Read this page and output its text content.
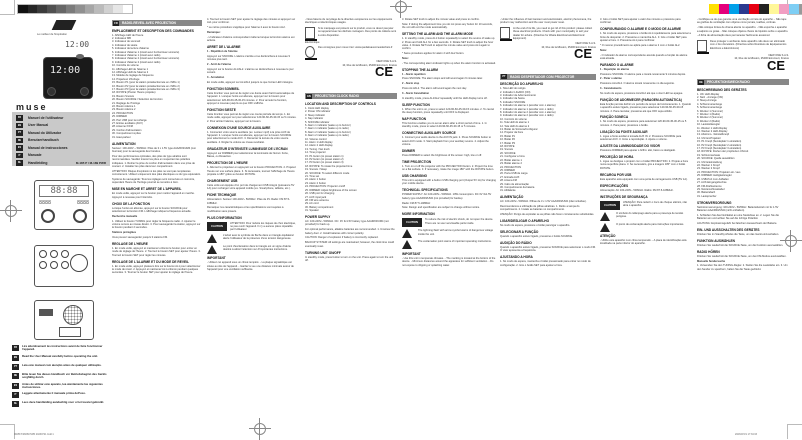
Le meilleur de l'inspiration
12:00
12:00
muse
FR	Manuel de l'utilisateur
EN	User Manual
PT	Manual do Utilizador
DE	Benutzerhandbuch
ES	Manual de instrucciones
IT	Manuale
NL	Handleiding	M-185 P / M-189 PWR
88:88
8888	8888
FR	Lire attentivement les instructions avant de faire fonctionner l'appareil.
EN	Read the User Manual carefully before operating the unit.
PT	Leia este manual com atenção antes de qualquer utilização.
DE	Bitte lesen Sie dieses Handbuch vor Betriebsbeginn des Geräts sorgfältig durch.
ES	Antes de utilizar este aparato, lea atentamente las siguientes instrucciones.
IT	Leggete attentamente il manuale prima dell'uso.
NL	Lees deze handleiding aandachtig voor u het toestel gebruikt.
FR	RADIO-REVEIL AVEC PROJECTION
EMPLACEMENT ET DESCRIPTION DES COMMANDES
1. Affichage LED de l'heure
2. Indicateur MB
3. Indicateur de sommeil
4. Indicateur de sieste
5. Indicateur de lecture d'alarme
6. Indicateur d'alarme 1 (réveil avec buzzer/avec sonnerie)
7. Indicateur d'alarme 1 (réveil avec radio)
8. Indicateur d'alarme 2 (réveil avec buzzer/avec sonnerie)
9. Indicateur d'alarme 2 (réveil avec radio)
10. Contrôle du volume
11. Affichage LED de l'alarme 1
12. Affichage LED de l'alarme 2
13. Molette de réglage de fréquence
14. Projecteur d'horloge
15. Bouton P1 (pour la station présélectionnée en chiffre 1)
16. Bouton P2 (pour la station présélectionnée en chiffre 2)
17. Bouton P3 (pour la station présélectionnée en chiffre 3)
18. ROTATE (Pivoter l'heure projetée)
19. Bouton Snooze
20. Bouton SOURCE / Sélection de fonction
21. Réglage de l'horloge
22. Bouton Alarme 1
23. Bouton Alarme 2
24. PROJECTION
25. DIMMER
26. Port USB pour la recharge
27. Entrée auxiliaire (AUX)
28. Antenne fil FM
29. Cordon d'alimentation
30. Compartiment à piles
31. Haut-parleur
ALIMENTATION

Secteur: 100-240V ~ 50/60Hz. Piles de 3 x 1.5V type AAA/R03/UM4 (non fournies) pour la sauvegarde des horaires.

Pour des performances optimales, des piles de type alcaline sont recommandées. Veuillez insérer les piles en respectant les polarités indiquées. 1. Retirez la prise du cordon d'alimentation dans une prise de courant. 2. Installez les piles dans leur compartiment.

ATTENTION: Risque d'explosion si les piles ne sont pas remplacées correctement. Utilisez uniquement des piles identiques ou du type équivalent.

Système de sauvegarde: Tous les réglages sont conservés en mémoire, cependant l'heure de l'horloge pourrait se remettre à zéro.

MISE EN MARCHE ET ARRET DE L'APPAREIL

En mode veille, appuyez sur le bouton pour mettre l'appareil en marche. Appuyez à nouveau pour l'éteindre.

CHOIX DE LA FONCTION

Lorsque l'unité est allumée, appuyez sur le bouton SOURCE pour sélectionner la fonction FM. L'affichage indique la fréquence actuelle.

Recherche manuelle

1. Utilisez le bouton TUNING pour régler la fréquence radio. 2. Ajustez le volume sonore au niveau désiré. 3. Pour sauvegarder la station, appuyez sur le bouton pendant 2 secondes.

Stations préréglées

Vous pouvez sauvegarder jusqu'à 3 stations FM.

REGLAGE DE L'HEURE

1. En mode veille, appuyez et maintenez enfoncé le bouton pour entrer en mode de réglage de l'heure. 2. Tournez le bouton SET pour ajuster l'heure. 3. Tournez le bouton SET pour régler les minutes.

REGLAGE DE L'ALARME ET DU MODE DE REVEIL

1. En mode veille, appuyez plusieurs fois sur le bouton AL1 pour sélectionner le mode de réveil. 2. Appuyez et maintenez AL1 enfoncé pendant quelques secondes. 3. Tournez le bouton SET pour ajuster le réglage de l'heure.

4. Tournez le bouton SET pour ajuster le réglage des minutes et appuyez sur AL1 pour confirmer.

* La même procédure s'applique pour l'alarme 2 avec le bouton AL2.

Remarque:

- L'indicateur d'alarme correspondant s'allume lorsque la fonction alarme est activée.

ARRET DE L'ALARME

1 - Répétition de l'alarme

Appuyez sur SNOOZE. L'alarme s'arrête et se déclenchera à nouveau 9 minutes plus tard.

2 - Arrêt de l'alarme

Appuyez sur le bouton AL1/AL2. L'alarme se déclenchera à nouveau le jour suivant.

3 - Annulation

En mode veille, appuyez sur AL1/AL2 jusqu'à ce que l'écran LED s'éteigne.

FONCTION SOMMEIL

Cette fonction vous permet de régler une durée avant l'arrêt automatique de l'appareil. 1. Lorsque l'unité est allumée, appuyez sur le bouton pour sélectionner 120-90-60-45-30-15 minutes. 2. Pour annuler la fonction, appuyez à nouveau jusqu'à ce que OFF s'affiche.

FONCTION SIESTE

Cette fonction vous permet de régler une courte période de temps. 1. En mode veille, appuyez sur pour sélectionner 120-90-60-45-30-15 ou 5 minutes. 2. Pour arrêter l'alarme, appuyez sur le bouton.

CONNEXION D'UNE SOURCE AUXILIAIRE

1. Connectez votre source auxiliaire (ex. Lecteur mp3) à la prise AUX de l'appareil. 2. Lorsque l'unité est allumée, appuyez sur le bouton SOURCE pour sélectionner le mode AUX. 3. Démarrez la lecture de votre source auxiliaire. 4. Réglez le volume au niveau souhaité.

GRADATEUR D'INTENSITE LUMINEUSE DE L'ECRAN

Appuyez sur DIMMER pour sélectionner la luminosité de l'écran: Forte, Basse, ou Désactivé.

PROJECTION DE L'HEURE

1. Allumez le projecteur en appuyant sur le bouton PROJECTION. 2. Projetez l'heure sur une surface plane. 3. Si nécessaire, tournez l'affichage de l'heure projetée à 180° grâce au bouton ROTATE.

CHARGEMENT USB

Cette unité est équipée d'un port de chargement USB intégré (puissance 5V 1A) pour recharger votre appareil mobile (ex. Smartphone, tablette, etc.).

FICHE TECHNIQUE

Alimentation: Secteur 100-240V~ 50/60Hz. Piles de 3V. Radio: FM 87.5-108MHz.

Remarque: les caractéristiques et les spécifications sont sujettes à modification sans préavis.

PLUS D'INFORMATION
CAUTION
ATTENTION: Pour réduire les risques de choc électrique, ne pas ouvrir l'appareil. Il n'y a aucune pièce réparable par l'utilisateur.
L'éclair avec le symbole de flèche dans un triangle équilatéral alerte l'utilisateur de la présence d'une tension dangereuse.
Le point d'exclamation dans le triangle est un signe d'alerte destiné à attirer l'attention sur d'importantes instructions.
IMPORTANT

- Utilisez cet appareil sous un climat tempéré. - La plaque signalétique est située au dos de l'appareil. - Gardez à vue une distance minimale autour de l'appareil pour une ventilation suffisante.

- Nous faisons du recyclage de la directive européenne sur les équipements électriques et électroniques usagés.

Si le marquage est présent sur le produit, vous ne devez pas jeter cet appareil avec les déchets ménagers. Des points de collecte sont à votre disposition.

Electronique

Des consignes pour mieux trier: www.quefaireavecmesdechets.fr
NEW ONE S.A.S.
10, Rue de la Mission, 25400 Exincourt, France
CE
EN	PROJECTION CLOCK RADIO
LOCATION AND DESCRIPTION OF CONTROLS
1. Clock LED display
2. Power ON indicator
3. Sleep indicator
4. Nap indicator
5. SNOOZE indicator
6. Alarm 1 indicator (wake up to buzzer)
7. Alarm 1 indicator (wake up to radio)
8. Alarm 2 indicator (wake up to buzzer)
9. Alarm 2 indicator (wake up to radio)
10. Volume control
11. Alarm 1 LED display
12. Alarm 2 LED display
13. Tuning / Set knob
14. Time projector
15. P1 button (to preset station 1)
16. P2 button (to preset station 2)
17. P3 button (to preset station 3)
18. ROTATE: To rotate the projected time
19. Snooze / Sleep
20. SOURCE: To select different mode
21. Time set
22. Alarm 1 button
23. Alarm 2 button
24. PROJECTION: Projector on/off
25. DIMMER: Adjust brightness of the screen
26. USB port for charging
27. AUX input jack
28. FM wire antenna
29. AC cord
30. Battery compartment
31. Speaker
POWER SUPPLY

AC: 100-240V~ 50/60Hz. DC: 3V 3x1.5V battery type AAA/R03/UM4 (not provided) for back up.

For optimal performance, alkaline batteries are recommended. 1. Unscrew the battery door. 2. Install batteries with correct polarity.

CAUTION: Danger of explosion if battery is incorrectly replaced.

BACKUP SYSTEM: All settings are maintained; however, the clock time could eventually reset.

TURNING UNIT ON/OFF

In standby mode, press button to turn on the unit. Press again to turn the unit off.

3. Rotate SET knob to adjust the minute value and press to confirm.

Note: if during the adjustment time you do not press any button for 10 seconds, the unit will exit the mode automatically.

SETTING THE ALARM AND THE ALARM MODE

1. In standby mode, press AL1 button repeatedly to select the source of wake up. 2. Press and hold AL1 for a few seconds. 3. Rotate SET knob to adjust the hour value. 4. Rotate SET knob to adjust the minute value and press AL1 again to confirm.

* Same procedure applies for alarm 2 with AL2 button.

Note:

- The corresponding alarm indicator lights up when the alarm function is activated.

STOPPING THE ALARM

1 - Alarm repetition

Press SNOOZE. The alarm stops and will sound again 9 minutes later.

2 - Alarm stop

Press AL1/AL2. The alarm will sound again the next day.

3 - Alarm Cancellation

In standby mode, press AL1/AL2 repeatedly until the LED display turns off.

SLEEP FUNCTION

1. When the unit is on, press to select 120-90-60-45-30-15 minutes. 2. To cancel the sleep function, press repeatedly until OFF is displayed.

NAP FUNCTION

This function enables you to set an alarm after a short period of time. 1. In standby mode, press to select 120-90-60-45-30-15 or 5 minutes.

CONNECTING AUXILIARY SOURCE

1. Connect your audio device to the AUX IN jack. 2. Press SOURCE button to select AUX mode. 3. Start playback from your auxiliary source. 4. Adjust the volume.

DIMMER

Press DIMMER to select the brightness of the screen: high, low or off.

TIME PROJECTION

1. Turn on or off the projector with the PROJECTION button. 2. Project the time on a flat surface. 3. If necessary, rotate the image 180° with the ROTATE button.

USB CHARGING

This unit is equipped with a built-in USB charging port (Output 5V 1A) for charging your mobile device.

TECHNICAL SPECIFICATIONS

POWER SUPPLY: AC 100-240V~ 50/60Hz. 10W consumption. DC 3V 3x1.5V battery type AAA/R03/UM4 (not provided) for backup

Radio: FM 87.5-108MHz

Note: Design and specification are subject to change without notice.

MORE INFORMATION
CAUTION
To reduce the risk of electric shock, do not open the device. There are no user serviceable parts inside.
The lightning flash with arrow symbol warns of dangerous voltage inside the unit.
The exclamation point warns of important operating instructions.
IMPORTANT

- Use this unit in temperate climates. - The marking is located at the bottom of the device. - Minimum distances around the apparatus for sufficient ventilation. - Do not expose to dripping or splashing water.

- Under the influence of fast transient and electrostatic, electric phenomena, the product may malfunction and the user must power reset.

At the end of its life, you need to get rid of this product: please collect these electrical products. Check with your municipality or sell your dealer for advice. (Directive for Waste Electrical and Electronic Equipment)
NEW ONE S.A.S.
10, Rue de la Mission, 25400 Exincourt, France
CE
PT	RADIO DESPERTADOR COM PROJECTOR
DESCRIÇÃO DO APARELHO
1. Tela LED do relógio
2. Indicador LIGADO (ON)
3. Indicador de Adormecimento
4. Indicador da Sesta
5. Indicador SNOOZE
6. Indicador do alarme 1 (acordar com o alarme)
7. Indicador do alarme 1 (acordar com o rádio)
8. Indicador do alarme 2 (acordar com o alarme)
9. Indicador do alarme 2 (acordar com o rádio)
10. Controlo do volume
11. Tela LED do alarme 1
12. Tela LED do alarme 2
13. Botão de Sintonia/Configurar
14. Projetor da hora
15. Botão P1
16. Botão P2
17. Botão P3
18. ROTATE
19. Snooze
20. SOURCE
21. Configurar a hora
22. Botão alarme 1
23. Botão alarme 2
24. PROJECTION
25. DIMMER
26. Porta USB de carga
27. Entrada AUX
28. Antena FM
29. Cabo de alimentação
30. Compartimento da bateria
31. Altifalante
ALIMENTAÇÃO

AC: 100-240V~ 50/60Hz. Pilhas de 3 x 1.5V AAA/R03/UM4 (não incluídas).

Recomendamos a utilização de pilhas alcalinas. 1. Retire a tampa do compartimento. 2. Instale as baterias no compartimento.

ATENÇÃO: Perigo de explosão se as pilhas não forem corretamente substituídas.

LIGAR/DESLIGAR O APARELHO

No modo de espera, pressione o botão para ligar o aparelho.

SELECIONAR A FUNÇÃO

Quando o aparelho estiver ligado, pressione o botão SOURCE.

AUDIÇÃO DO RÁDIO

Quando o aparelho estiver ligado, pressione SOURCE para selecionar o modo FM. O visor apresenta a frequência.

AJUSTANDO A HORA

1. No modo de espera, mantenha o botão pressionado para entrar no modo de configuração. 2. Gire o botão SET para ajustar a hora.

3. Gire o botão SET para ajustar o valor dos minutos e pressione para confirmar.

CONFIGURANDO O ALARME E O MODO DE ALARME

1. No modo de espera, pressione o botão AL1 repetidamente para selecionar a fonte de despertar. 2. Pressione e mantenha AL1. 3. Gire o botão SET para ajustar a hora. 4. Pressione AL1 para confirmar.

* O mesmo procedimento se aplica para o alarme 2 com o botão AL2.

Nota:

- O indicador de alarme correspondente acende quando a função de alarme está ativada.

PARANDO O ALARME

1 - Repetição do alarme

Pressione SNOOZE. O alarme para e tocará novamente 9 minutos depois.

2 - Parar o alarme

Pressione AL1/AL2. O alarme tocará novamente no dia seguinte.

3 - Cancelamento

No modo de espera, pressione AL1/AL2 até que o visor LED se apague.

FUNÇÃO DE ADORMECER (PARAGEM AUTOMÁTICA)

Esta função permite definir um período de tempo de funcionamento. 1. Quando o aparelho estiver ligado, pressione para selecionar 120-90-60-45-30-15 minutos. 2. Para cancelar, pressione até que OFF seja exibido.

FUNÇÃO SONECA

1. No modo de espera, pressione para selecionar 120-90-60-45-30-15 ou 5 minutos. 2. Para parar, pressione o botão.

LIGAÇÃO DA FONTE AUXILIAR

1. Ligue a fonte auxiliar à tomada AUX IN. 2. Pressione SOURCE para selecionar AUX. 3. Inicie a reprodução. 4. Ajuste o volume.

AJUSTE DA LUMINOSIDADE DO VISOR

Pressione DIMMER para ajustar o brilho: alto, baixo ou desligado.

PROJEÇÃO DE HORA

1. Ligue ou desligue o projetor com o botão PROJECTION. 2. Projete a hora numa superfície plana. 3. Se necessário, gire a imagem 180° com o botão ROTATE.

RECARGA POR USB

Este aparelho está equipado com uma porta de carregamento USB (5V 1A).

ESPECIFICAÇÕES

Alimentação: AC 100-240V~ 50/60Hz. Rádio: FM 87.5-108MHz.

INSTRUÇÕES DE SEGURANÇA
CAUTION
ATENÇÃO: Para reduzir o risco de choque elétrico, não abra o aparelho.
O símbolo do relâmpago alerta para a presença de tensão perigosa.
O ponto de exclamação alerta para instruções importantes.
ATENÇÃO

- Utilize este aparelho num clima temperado. - A placa de identificação está localizada na parte inferior do aparelho.

- Certifique-se de que garante uma ventilação correta do aparelho. - Não tape as grelhas de ventilação com objetos como jornais, toalhas, cortinas.

- Não coloque fontes de chama aberta no aparelho. - Não exponha o aparelho a salpicos ou gotas. - Não coloque objetos cheios de líquidos sobre o aparelho.

- A ficha de alimentação deve permanecer facilmente acessível.

Deve proteger o ambiente. Este aparelho não deve ser eliminado com o lixo doméstico. (Directiva sobre Resíduos de Equipamentos Eléctricos e Electrónicos)
NEW ONE S.A.S.
10, Rue de la Mission, 25400 Exincourt, France
CE
DE	PROJEKTIONSWECKRADIO
BESCHREIBUNG DES GERÄTES
1. Uhr LED-Display
2. Netz - Anzeige (ON)
3. Sleep-Anzeige
4. Schlummeranzeige
5. Schlummeranzeige
6. Wecker 1 (Summer)
7. Wecker 1 (Radio)
8. Wecker 2 (Summer)
9. Wecker 2 (Radio)
10. Lautstärkeregler
11. Wecker 1 LED-Display
12. Wecker 2 LED-Display
13. Abstimm- / Einstellknopf
14. Uhrzeit-Projektor
15. P1 Knopf (Sendeplatz 1 einstellen)
16. P2 Knopf (Sendeplatz 2 einstellen)
17. P3 Knopf (Sendeplatz 3 einstellen)
18. ROTATE: Drehen der projizierten Uhrzeit
19. Schlummertaste
20. SOURCE: Quelle auswählen
21. Uhrzeiteinstellung
22. Wecker 1 Knopf
23. Wecker 2 Knopf
24. PROJECTION: Projektor ein / aus
25. DIMMER: Helligkeitsregler
26. USB-Port zum Aufladen
27. AUX-Eingangsbuchse
28. FM-Drahtantenne
29. Netzanschlusskabel
30. Batteriefach
31. Lautsprecher
STROMVERSORGUNG

Netzstromversorgung: 100-240V~ 50/60Hz. Batteriebetrieb mit 3x 1.5V Batterien AAA/R03/UM4 (nicht enthalten).

1. Schließen Sie das Netzkabel an eine Steckdose an. 2. Legen Sie die Batterien ein und achten Sie auf die richtige Polarität.

ACHTUNG: Explosionsgefahr bei falschem Auswechseln der Batterie.

EIN- UND AUSSCHALTEN DES GERÄTES

Drücken Sie im Standby-Modus die Taste, um das Gerät einzuschalten.

FUNKTION AUSWÄHLEN

Drücken Sie wiederholt die SOURCE-Taste, um die Funktion auszuwählen.

RADIO HÖREN

Drücken Sie wiederholt die SOURCE-Taste, um den FM-Modus auszuwählen.

Manuelle Sendersuche

1. Verwenden Sie den TUNING-Regler. 2. Stellen Sie die Lautstärke ein. 3. Um den Sender zu speichern, halten Sie die Taste gedrückt.

M185 P/M189 PWR 20230721 Indd 1	2023/07/21 17:34:33
